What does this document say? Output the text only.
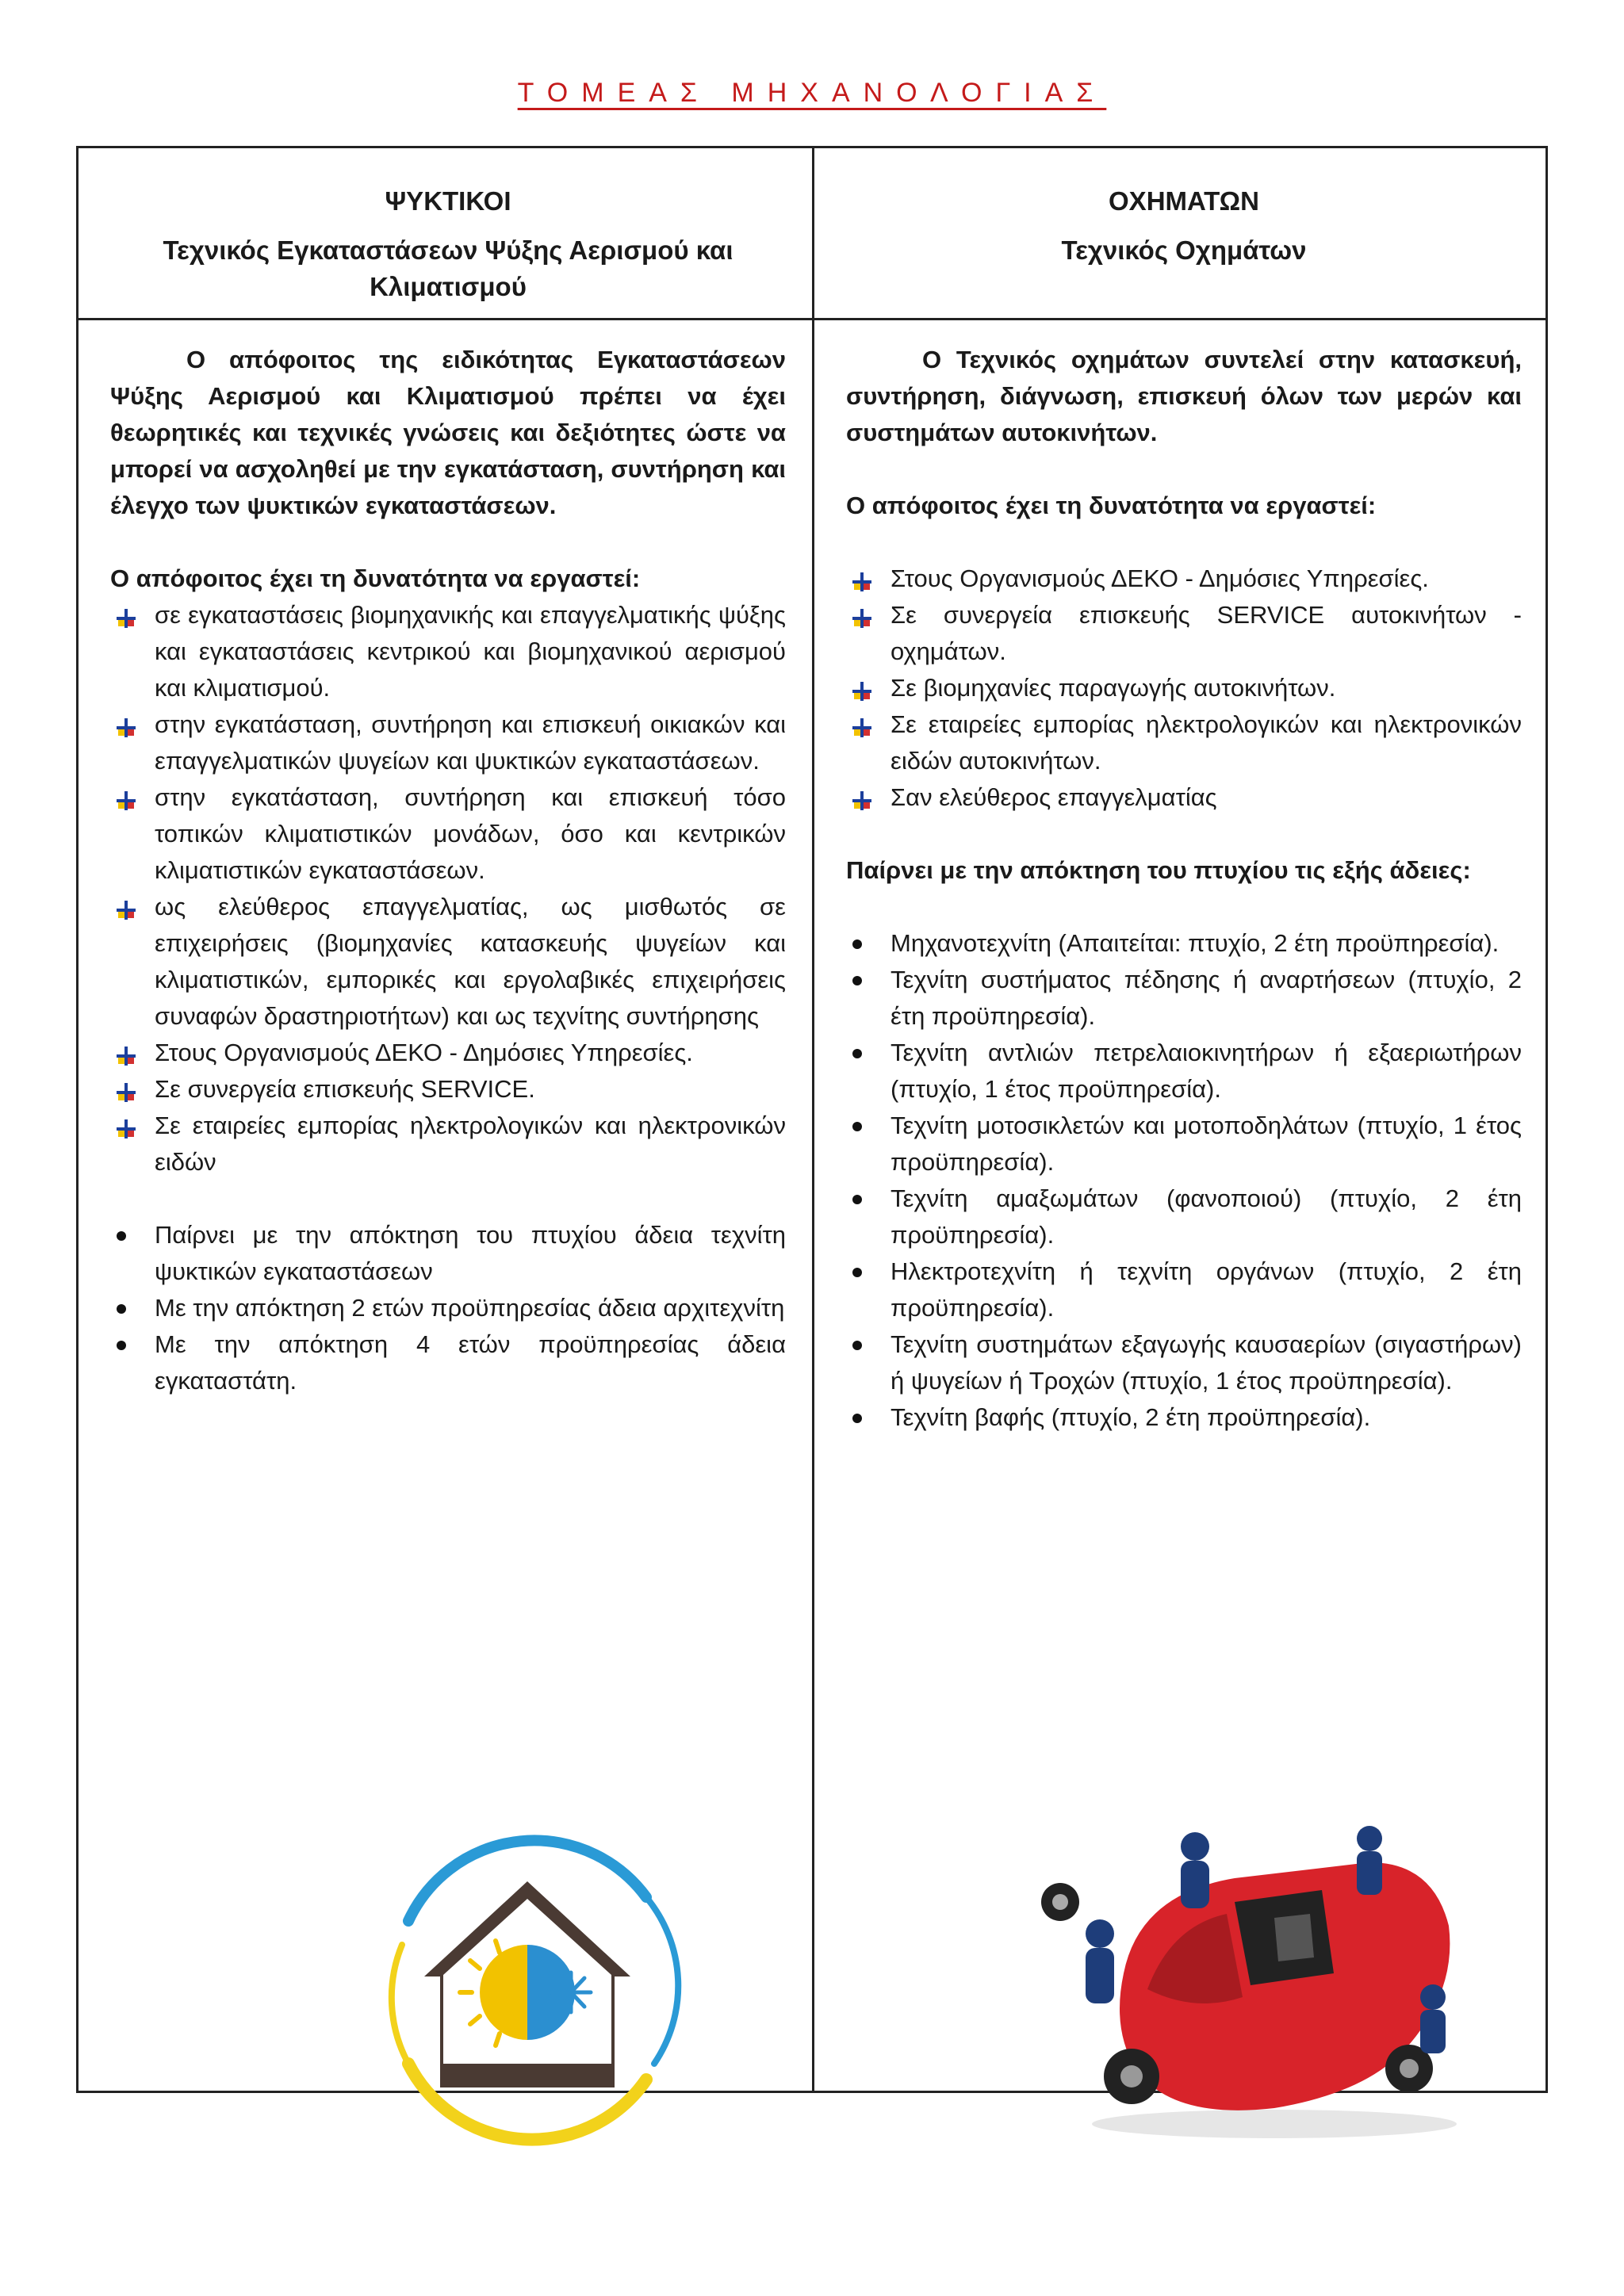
ΤΟΜΕΑΣ ΜΗΧΑΝΟΛΟΓΙΑΣ
ΨΥΚΤΙΚΟΙ
Τεχνικός Εγκαταστάσεων Ψύξης Αερισμού και Κλιματισμού
ΟΧΗΜΑΤΩΝ
Τεχνικός Οχημάτων

Ο απόφοιτος της ειδικότητας Εγκαταστάσεων Ψύξης Αερισμού και Κλιματισμού πρέπει να έχει θεωρητικές και τεχνικές γνώσεις και δεξιότητες ώστε να μπορεί να ασχοληθεί με την εγκατάσταση, συντήρηση και έλεγχο των ψυκτικών εγκαταστάσεων.

Ο απόφοιτος έχει τη δυνατότητα να εργαστεί:

σε εγκαταστάσεις βιομηχανικής και επαγγελματικής ψύξης και εγκαταστάσεις κεντρικού και βιομηχανικού αερισμού και κλιματισμού.
στην εγκατάσταση, συντήρηση και επισκευή οικιακών και επαγγελματικών ψυγείων και ψυκτικών εγκαταστάσεων.
στην εγκατάσταση, συντήρηση και επισκευή τόσο τοπικών κλιματιστικών μονάδων, όσο και κεντρικών κλιματιστικών εγκαταστάσεων.
ως ελεύθερος επαγγελματίας, ως μισθωτός σε επιχειρήσεις (βιομηχανίες κατασκευής ψυγείων και κλιματιστικών, εμπορικές και εργολαβικές επιχειρήσεις συναφών δραστηριοτήτων) και ως τεχνίτης συντήρησης
Στους Οργανισμούς ΔΕΚΟ - Δημόσιες Υπηρεσίες.
Σε συνεργεία επισκευής SERVICE.
Σε εταιρείες εμπορίας ηλεκτρολογικών και ηλεκτρονικών ειδών
Παίρνει με την απόκτηση του πτυχίου άδεια τεχνίτη ψυκτικών εγκαταστάσεων
Με την απόκτηση 2 ετών προϋπηρεσίας άδεια αρχιτεχνίτη
Με την απόκτηση 4 ετών προϋπηρεσίας άδεια εγκαταστάτη.

Ο Τεχνικός οχημάτων συντελεί στην κατασκευή, συντήρηση, διάγνωση, επισκευή όλων των μερών και συστημάτων αυτοκινήτων.

Ο απόφοιτος έχει τη δυνατότητα να εργαστεί:

Στους Οργανισμούς ΔΕΚΟ - Δημόσιες Υπηρεσίες.
Σε συνεργεία επισκευής SERVICE αυτοκινήτων - οχημάτων.
Σε βιομηχανίες παραγωγής αυτοκινήτων.
Σε εταιρείες εμπορίας ηλεκτρολογικών και ηλεκτρονικών ειδών αυτοκινήτων.
Σαν ελεύθερος επαγγελματίας

Παίρνει με την απόκτηση του πτυχίου τις εξής άδειες:

Μηχανοτεχνίτη (Απαιτείται: πτυχίο, 2 έτη προϋπηρεσία).
Τεχνίτη συστήματος πέδησης ή αναρτήσεων (πτυχίο, 2 έτη προϋπηρεσία).
Τεχνίτη αντλιών πετρελαιοκινητήρων ή εξαεριωτήρων (πτυχίο, 1 έτος προϋπηρεσία).
Τεχνίτη μοτοσικλετών και μοτοποδηλάτων (πτυχίο, 1 έτος προϋπηρεσία).
Τεχνίτη αμαξωμάτων (φανοποιού) (πτυχίο, 2 έτη προϋπηρεσία).
Ηλεκτροτεχνίτη ή τεχνίτη οργάνων (πτυχίο, 2 έτη προϋπηρεσία).
Τεχνίτη συστημάτων εξαγωγής καυσαερίων (σιγαστήρων) ή ψυγείων ή Τροχών (πτυχίο, 1 έτος προϋπηρεσία).
Τεχνίτη βαφής (πτυχίο, 2 έτη προϋπηρεσία).
